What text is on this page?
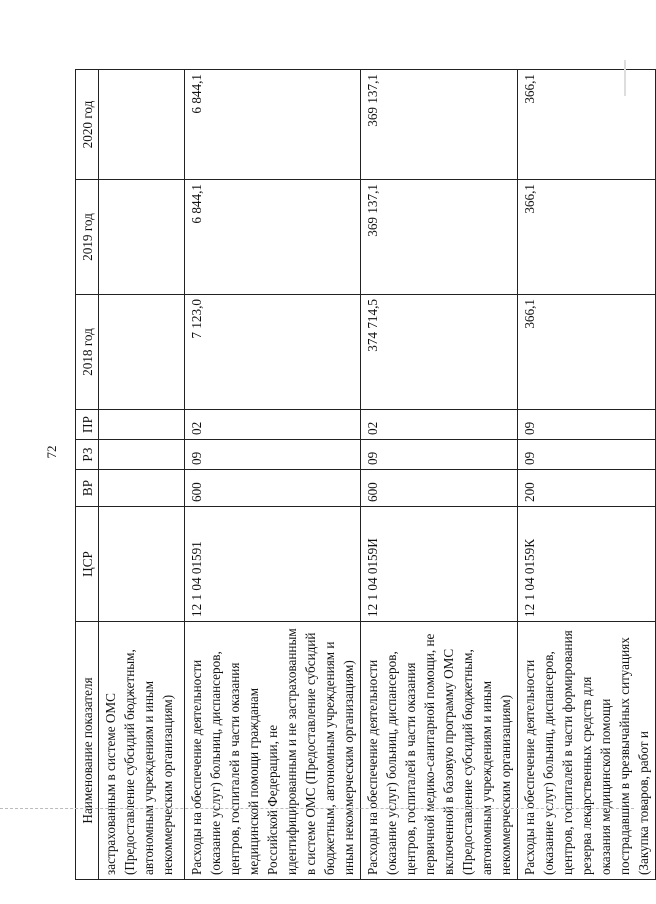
72
Наименование показателя	ЦСР	ВР	РЗ	ПР	2018 год	2019 год	2020 год
застрахованным в системе ОМС (Предоставление субсидий бюджетным, автономным учреждениям и иным некоммерческим организациям)							
Расходы на обеспечение деятельности (оказание услуг) больниц, диспансеров, центров, госпиталей в части оказания медицинской помощи гражданам Российской Федерации, не идентифицированным и не застрахованным в системе ОМС (Предоставление субсидий бюджетным, автономным учреждениям и иным некоммерческим организациям)	12 1 04 01591	600	09	02	7 123,0	6 844,1	6 844,1
Расходы на обеспечение деятельности (оказание услуг) больниц, диспансеров, центров, госпиталей в части оказания первичной медико-санитарной помощи, не включенной в базовую программу ОМС (Предоставление субсидий бюджетным, автономным учреждениям и иным некоммерческим организациям)	12 1 04 0159И	600	09	02	374 714,5	369 137,1	369 137,1
Расходы на обеспечение деятельности (оказание услуг) больниц, диспансеров, центров, госпиталей в части формирования резерва лекарственных средств для оказания медицинской помощи пострадавшим в чрезвычайных ситуациях (Закупка товаров, работ и	12 1 04 0159К	200	09	09	366,1	366,1	366,1
